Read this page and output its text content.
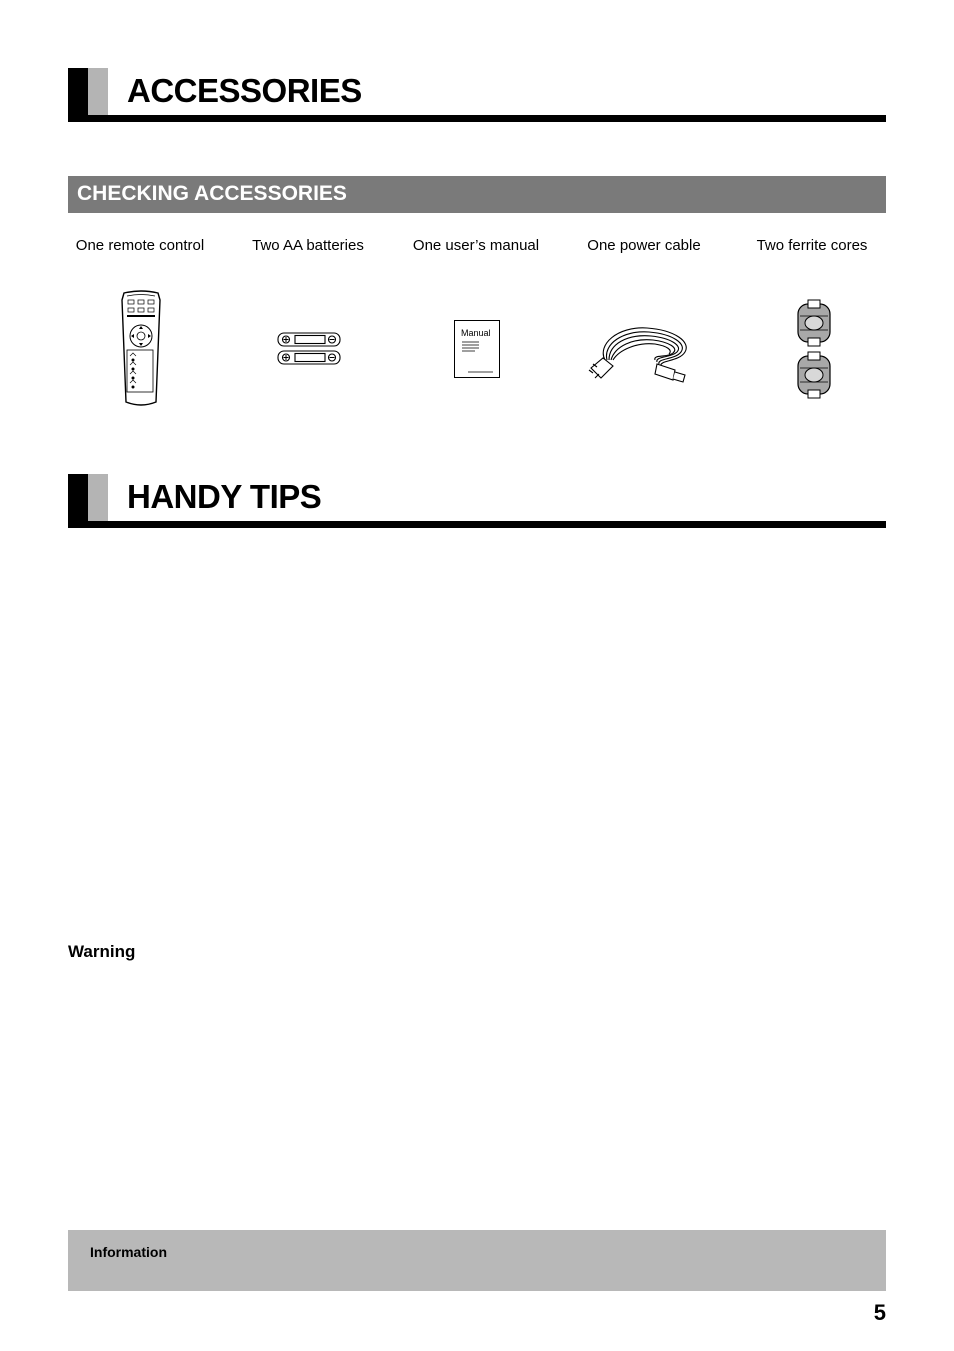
ACCESSORIES
CHECKING ACCESSORIES
One remote control	Two AA batteries	One user’s manual	One power cable	Two ferrite cores
Manual
HANDY TIPS

Warning

Information
5
